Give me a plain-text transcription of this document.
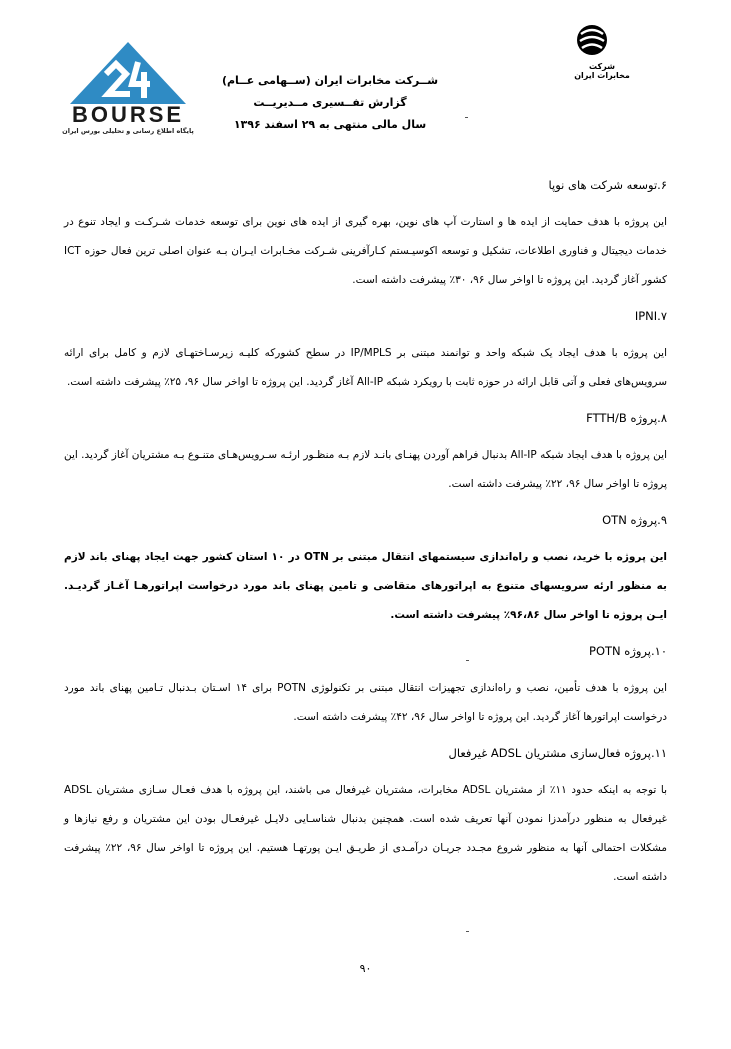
BOURSE
پایگاه اطلاع رسانی و تحلیلی بورس ایران
شرکت مخابرات ایران
شــرکت مخابرات ایران (ســهامی عــام)
گزارش تفــسیری مــدیریــت
سال مالی منتهی به ۲۹ اسفند ۱۳۹۶
۶.توسعه شرکت های نوپا
این پروژه با هدف حمایت از ایده ها و استارت آپ های نوین، بهره گیری از ایده های نوین برای توسعه خدمات شـرکـت و ایجاد تنوع در خدمات دیجیتال و فناوری اطلاعات، تشکیل و توسعه اکوسیـستم کـارآفرینی شـرکت مخـابرات ایـران بـه عنوان اصلی ترین فعال حوزه ICT کشور آغاز گردید. این پروژه تا اواخر سال ۹۶، ۳۰٪ پیشرفت داشته است.
۷.IPNI
این پروژه با هدف ایجاد یک شبکه واحد و توانمند مبتنی بر IP/MPLS در سطح کشورکه کلیـه زیرسـاختهـای لازم و کامل برای ارائه سرویس‌های فعلی و آتی قابل ارائه در حوزه ثابت با رویکرد شبکه All-IP آغاز گردید. این پروژه تا اواخر سال ۹۶، ۲۵٪ پیشرفت داشته است.
۸.پروژه FTTH/B
این پروژه با هدف ایجاد شبکه All-IP بدنبال فراهم آوردن پهنـای بانـد لازم بـه منظـور ارئـه سـرویس‌هـای متنـوع بـه مشتریان آغاز گردید. این پروژه تا اواخر سال ۹۶، ۲۲٪ پیشرفت داشته است.
۹.پروژه OTN
این پروژه با خرید، نصب و راه‌اندازی سیستمهای انتقال مبتنی بر OTN در ۱۰ استان کشور جهت ایجاد پهنای باند لازم به منظور ارئه سرویسهای متنوع به اپراتورهای متقاضی و تامین پهنای باند مورد درخواست اپراتورهـا آغـاز گردیـد. ایـن پروژه تا اواخر سال ۹۶،۸۶٪ پیشرفت داشته است.
۱۰.پروژه POTN
این پروژه با هدف تأمین، نصب و راه‌اندازی تجهیزات انتقال مبتنی بر تکنولوژی POTN برای ۱۴ اسـتان بـدنبال تـامین پهنای باند مورد درخواست اپراتورها آغاز گردید. این پروژه تا اواخر سال ۹۶، ۴۲٪ پیشرفت داشته است.
۱۱.پروژه فعال‌سازی مشتریان ADSL غیرفعال
با توجه به اینکه حدود ۱۱٪ از مشتریان ADSL مخابرات، مشتریان غیرفعال می باشند، این پروژه با هدف فعـال سـازی مشتریان ADSL غیرفعال به منظور درآمدزا نمودن آنها تعریف شده است. همچنین بدنبال شناسـایی دلایـل غیرفعـال بودن این مشتریان و رفع نیازها و مشکلات احتمالی آنها به منظور شروع مجـدد جریـان درآمـدی از طریـق ایـن پورتهـا هستیم. این پروژه تا اواخر سال ۹۶، ۲۲٪ پیشرفت داشته است.
۹۰
